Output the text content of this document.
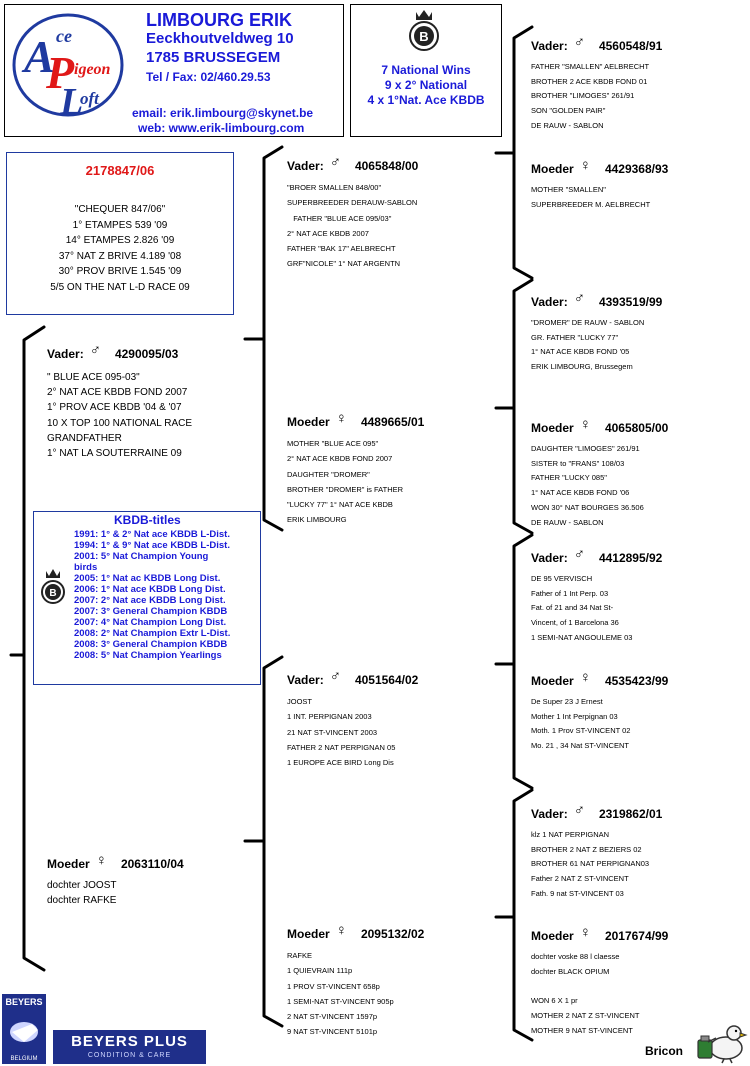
A ce
P igeon
L
oft
LIMBOURG ERIK
Eeckhoutveldweg 10
1785 BRUSSEGEM
Tel / Fax: 02/460.29.53
email: erik.limbourg@skynet.be
web: www.erik-limbourg.com
7 National Wins
9 x 2° National
4 x 1°Nat. Ace KBDB
B
2178847/06
"CHEQUER 847/06"
1° ETAMPES 539 '09
14° ETAMPES 2.826 '09
37° NAT Z BRIVE 4.189 '08
30° PROV BRIVE 1.545 '09
5/5 ON THE NAT L-D RACE 09
Vader: ♂ 4290095/03
" BLUE ACE 095-03"
2° NAT ACE KBDB FOND 2007
1° PROV ACE KBDB '04 & '07
10 X TOP 100 NATIONAL RACE
GRANDFATHER
1° NAT LA SOUTERRAINE 09
KBDB-titles
1991: 1° & 2° Nat ace KBDB L-Dist.
1994: 1° & 9° Nat ace KBDB L-Dist.
2001: 5° Nat Champion Young
birds
2005: 1° Nat ac KBDB Long Dist.
2006: 1° Nat ace KBDB Long Dist.
2007: 2° Nat ace KBDB Long Dist.
2007: 3° General Champion KBDB
2007: 4° Nat Champion Long Dist.
2008: 2° Nat Champion Extr L-Dist.
2008: 3° General Champion KBDB
2008: 5° Nat Champion Yearlings
B
Moeder ♀ 2063110/04
dochter JOOST
dochter RAFKE
Vader: ♂ 4065848/00
"BROER SMALLEN 848/00"
SUPERBREEDER DERAUW-SABLON
FATHER "BLUE ACE 095/03"
2° NAT ACE KBDB 2007
FATHER "BAK 17" AELBRECHT
GRF"NICOLE" 1° NAT ARGENTN
Moeder ♀ 4489665/01
MOTHER "BLUE ACE 095"
2° NAT ACE KBDB FOND 2007
DAUGHTER "DROMER"
BROTHER "DROMER" is FATHER
"LUCKY 77" 1° NAT ACE KBDB
ERIK LIMBOURG
Vader: ♂ 4051564/02
JOOST
1 INT. PERPIGNAN 2003
21 NAT ST-VINCENT 2003
FATHER 2 NAT PERPIGNAN 05
1 EUROPE ACE BIRD Long Dis
Moeder ♀ 2095132/02
RAFKE
1 QUIEVRAIN 111p
1 PROV ST-VINCENT 658p
1 SEMI-NAT ST-VINCENT 905p
2 NAT ST-VINCENT 1597p
9 NAT ST-VINCENT 5101p
Vader: ♂ 4560548/91
FATHER "SMALLEN" AELBRECHT
BROTHER 2 ACE KBDB FOND 01
BROTHER "LIMOGES" 261/91
SON "GOLDEN PAIR"
DE RAUW - SABLON
Moeder ♀ 4429368/93
MOTHER "SMALLEN"
SUPERBREEDER M. AELBRECHT
Vader: ♂ 4393519/99
"DROMER" DE RAUW - SABLON
GR. FATHER "LUCKY 77"
1° NAT ACE KBDB FOND '05
ERIK LIMBOURG, Brussegem
Moeder ♀ 4065805/00
DAUGHTER "LIMOGES" 261/91
SISTER to "FRANS" 108/03
FATHER "LUCKY 085"
1° NAT ACE KBDB FOND '06
WON 30° NAT BOURGES 36.506
DE RAUW - SABLON
Vader: ♂ 4412895/92
DE 95 VERVISCH
Father of 1 Int Perp. 03
Fat. of 21 and 34 Nat St-
Vincent, of 1 Barcelona 36
1 SEMI-NAT ANGOULEME 03
Moeder ♀ 4535423/99
De Super 23 J Ernest
Mother 1 Int Perpignan 03
Moth. 1 Prov ST-VINCENT 02
Mo. 21 , 34 Nat ST-VINCENT
Vader: ♂ 2319862/01
klz 1 NAT PERPIGNAN
BROTHER 2 NAT Z BEZIERS 02
BROTHER 61 NAT PERPIGNAN03
Father 2 NAT Z ST-VINCENT
Fath. 9 nat ST-VINCENT 03
Moeder ♀ 2017674/99
dochter voske 88 l claesse
dochter BLACK OPIUM
WON 6 X 1 pr
MOTHER 2 NAT Z ST-VINCENT
MOTHER 9 NAT ST-VINCENT
BEYERS
BELGIUM
BEYERS PLUS
CONDITION & CARE	Bricon
